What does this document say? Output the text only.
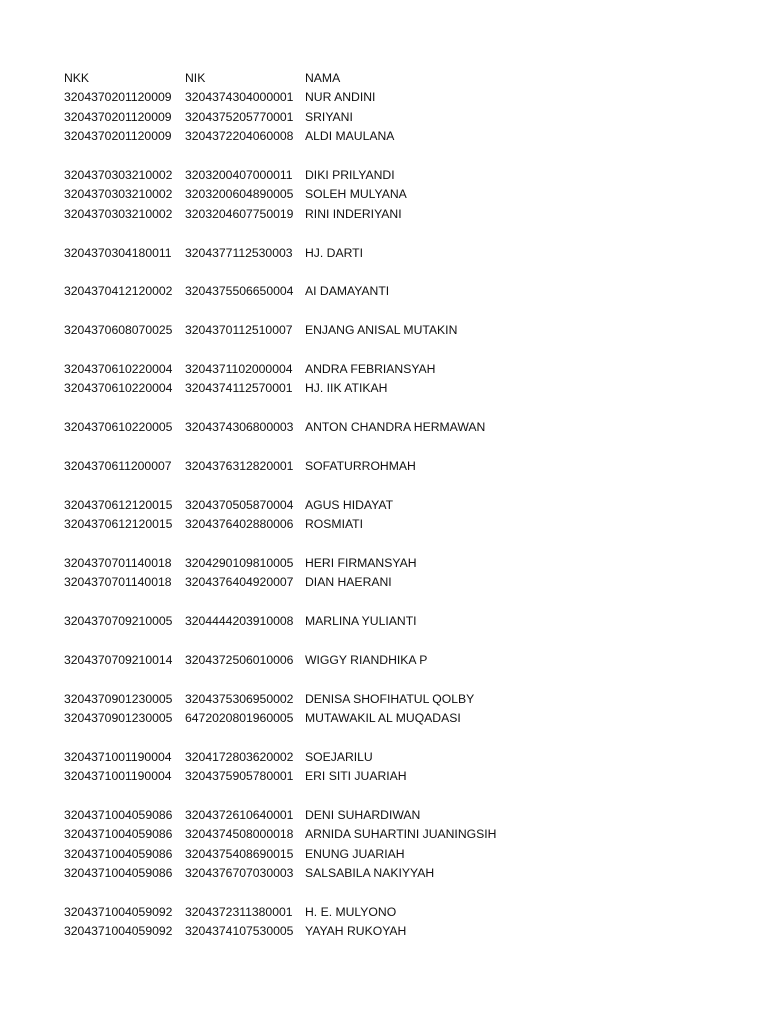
NKK	NIK	NAMA
3204370201120009	3204374304000001 NUR ANDINI
3204370201120009	3204375205770001 SRIYANI
3204370201120009	3204372204060008 ALDI MAULANA
3204370303210002	3203200407000011	DIKI PRILYANDI
3204370303210002	3203200604890005 SOLEH MULYANA
3204370303210002	3203204607750019 RINI INDERIYANI
3204370304180011	3204377112530003	HJ. DARTI
3204370412120002	3204375506650004 AI DAMAYANTI
3204370608070025	3204370112510007	ENJANG ANISAL MUTAKIN
3204370610220004	3204371102000004	ANDRA FEBRIANSYAH
3204370610220004	3204374112570001	HJ. IIK ATIKAH
3204370610220005	3204374306800003 ANTON CHANDRA HERMAWAN
3204370611200007	3204376312820001 SOFATURROHMAH
3204370612120015	3204370505870004 AGUS HIDAYAT
3204370612120015	3204376402880006 ROSMIATI
3204370701140018	3204290109810005 HERI FIRMANSYAH
3204370701140018	3204376404920007 DIAN HAERANI
3204370709210005	3204444203910008 MARLINA YULIANTI
3204370709210014	3204372506010006 WIGGY RIANDHIKA P
3204370901230005	3204375306950002 DENISA SHOFIHATUL QOLBY
3204370901230005	6472020801960005 MUTAWAKIL AL MUQADASI
3204371001190004	3204172803620002 SOEJARILU
3204371001190004	3204375905780001 ERI SITI JUARIAH
3204371004059086	3204372610640001 DENI SUHARDIWAN
3204371004059086	3204374508000018 ARNIDA SUHARTINI JUANINGSIH
3204371004059086	3204375408690015 ENUNG JUARIAH
3204371004059086	3204376707030003 SALSABILA NAKIYYAH
3204371004059092	3204372311380001	H. E. MULYONO
3204371004059092	3204374107530005 YAYAH RUKOYAH
